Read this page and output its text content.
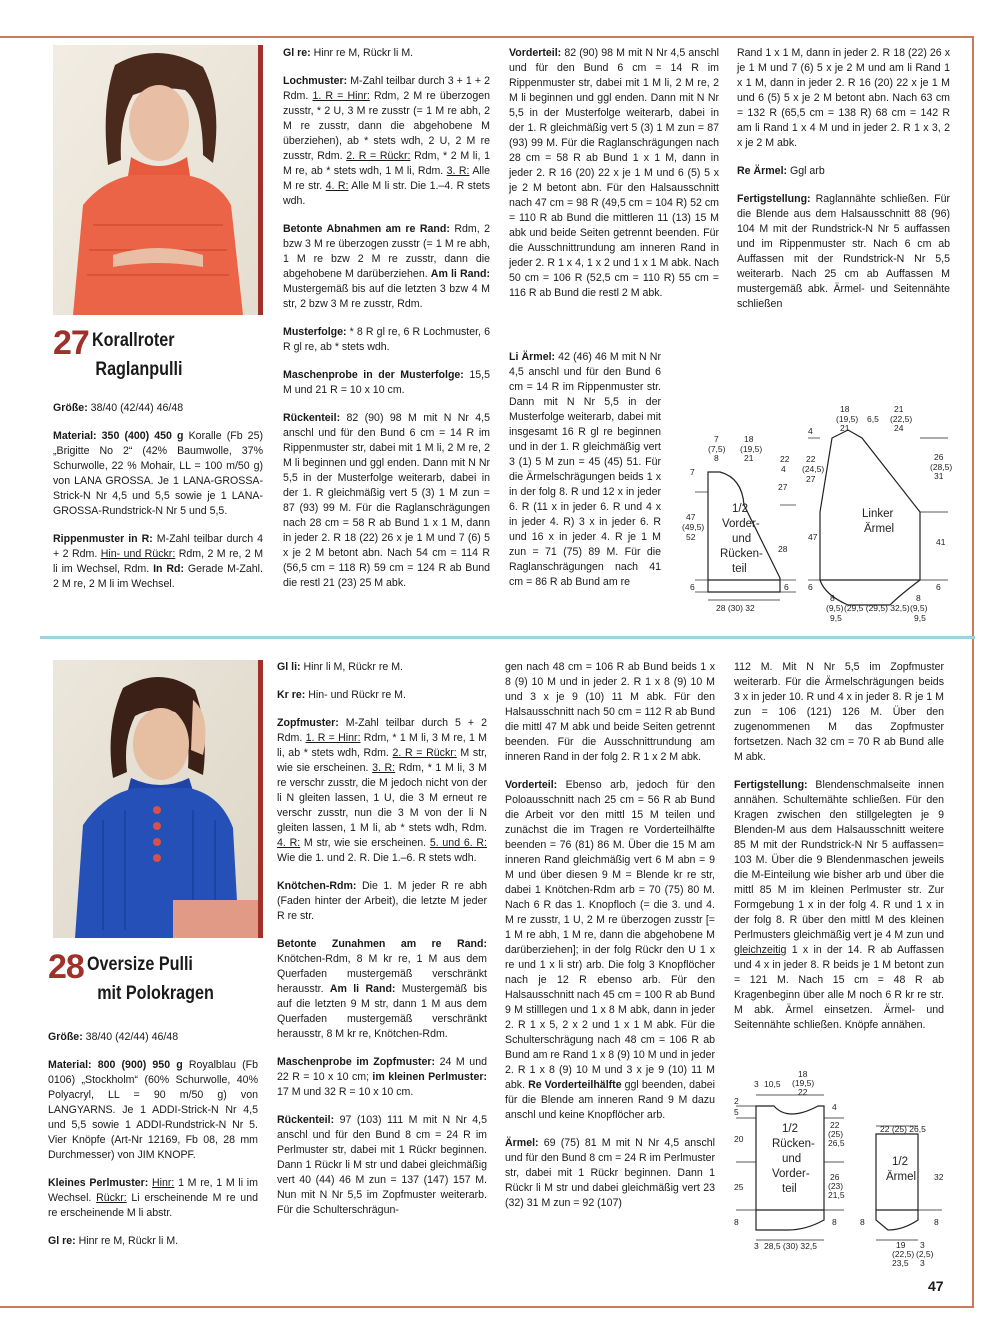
27 Korallroter
Raglanpulli

Größe: 38/40 (42/44) 46/48

Material: 350 (400) 450 g Koralle (Fb 25) „Brigitte No 2“ (42% Baumwolle, 37% Schurwolle, 22 % Mohair, LL = 100 m/50 g) von LANA GROSSA. Je 1 LANA-GROSSA-Strick-N Nr 4,5 und 5,5 sowie je 1 LANA-GROSSA-Rundstrick-N Nr 5 und 5,5.

Rippenmuster in R: M-Zahl teilbar durch 4 + 2 Rdm. Hin- und Rückr: Rdm, 2 M re, 2 M li im Wechsel, Rdm. In Rd: Gerade M-Zahl. 2 M re, 2 M li im Wechsel.

Gl re: Hinr re M, Rückr li M.

Lochmuster: M-Zahl teilbar durch 3 + 1 + 2 Rdm. 1. R = Hinr: Rdm, 2 M re überzogen zusstr, * 2 U, 3 M re zusstr (= 1 M re abh, 2 M re zusstr, dann die abgehobene M überziehen), ab * stets wdh, 2 U, 2 M re zusstr, Rdm. 2. R = Rückr: Rdm, * 2 M li, 1 M re, ab * stets wdh, 1 M li, Rdm. 3. R: Alle M re str. 4. R: Alle M li str. Die 1.–4. R stets wdh.

Betonte Abnahmen am re Rand: Rdm, 2 bzw 3 M re überzogen zusstr (= 1 M re abh, 1 M re bzw 2 M re zusstr, dann die abgehobene M darüberziehen. Am li Rand: Mustergemäß bis auf die letzten 3 bzw 4 M str, 2 bzw 3 M re zusstr, Rdm.

Musterfolge: * 8 R gl re, 6 R Lochmuster, 6 R gl re, ab * stets wdh.

Maschenprobe in der Musterfolge: 15,5 M und 21 R = 10 x 10 cm.

Rückenteil: 82 (90) 98 M mit N Nr 4,5 anschl und für den Bund 6 cm = 14 R im Rippenmuster str, dabei mit 1 M li, 2 M re, 2 M li beginnen und ggl enden. Dann mit N Nr 5,5 in der Musterfolge weiterarb, dabei in der 1. R gleichmäßig vert 5 (3) 1 M zun = 87 (93) 99 M. Für die Raglanschrägungen nach 28 cm = 58 R ab Bund 1 x 1 M, dann in jeder 2. R 18 (22) 26 x je 1 M und 7 (6) 5 x je 2 M betont abn. Nach 54 cm = 114 R (56,5 cm = 118 R) 59 cm = 124 R ab Bund die restl 21 (23) 25 M abk.

Vorderteil: 82 (90) 98 M mit N Nr 4,5 anschl und für den Bund 6 cm = 14 R im Rippenmuster str, dabei mit 1 M li, 2 M re, 2 M li beginnen und ggl enden. Dann mit N Nr 5,5 in der Musterfolge weiterarb, dabei in der 1. R gleichmäßig vert 5 (3) 1 M zun = 87 (93) 99 M. Für die Raglanschrägungen nach 28 cm = 58 R ab Bund 1 x 1 M, dann in jeder 2. R 16 (20) 22 x je 1 M und 6 (5) 5 x je 2 M betont abn. Für den Halsausschnitt nach 47 cm = 98 R (49,5 cm = 104 R) 52 cm = 110 R ab Bund die mittleren 11 (13) 15 M abk und beide Seiten getrennt beenden. Für die Ausschnittrundung am inneren Rand in jeder 2. R 1 x 4, 1 x 2 und 1 x 1 M abk. Nach 50 cm = 106 R (52,5 cm = 110 R) 55 cm = 116 R ab Bund die restl 2 M abk.

Li Ärmel: 42 (46) 46 M mit N Nr 4,5 anschl und für den Bund 6 cm = 14 R im Rippenmuster str. Dann mit N Nr 5,5 in der Musterfolge weiterarb, dabei mit insgesamt 16 R gl re beginnen und in der 1. R gleichmäßig vert 3 (1) 5 M zun = 45 (45) 51. Für die Ärmelschrägungen beids 1 x in der folg 8. R und 12 x in jeder 6. R (11 x in jeder 6. R und 4 x in jeder 4. R) 3 x in jeder 6. R und 16 x in jeder 4. R je 1 M zun = 71 (75) 89 M. Für die Raglanschrägungen nach 41 cm = 86 R ab Bund am re

Rand 1 x 1 M, dann in jeder 2. R 18 (22) 26 x je 1 M und 7 (6) 5 x je 2 M und am li Rand 1 x 1 M, dann in jeder 2. R 16 (20) 22 x je 1 M und 6 (5) 5 x je 2 M betont abn. Nach 63 cm = 132 R (65,5 cm = 138 R) 68 cm = 142 R am li Rand 1 x 4 M und in jeder 2. R 1 x 3, 2 x je 2 M abk.

Re Ärmel: Ggl arb

Fertigstellung: Raglannähte schließen. Für die Blende aus dem Halsausschnitt 88 (96) 104 M mit der Rundstrick-N Nr 5 auffassen und im Rippenmuster str. Nach 6 cm ab Auffassen mit der Rundstrick-N Nr 5,5 weiterarb. Nach 25 cm ab Auffassen M mustergemäß abk. Ärmel- und Seitennähte schließen

7
(7,5)
8
18
(19,5)
21
7
47
(49,5)
52
4
22
4
22
(24,5)
27
27
28
6	6
28 (30) 32
18
(19,5)
21
6,5
21
(22,5)
24
26
(28,5)
31
47	41
6	6
8
(9,5)
9,5
(29,5 (29,5) 32,5)
8
(9,5)
9,5
1/2
Vorder-
und
Rücken-
teil
Linker
Ärmel
28 Oversize Pulli
mit Polokragen

Größe: 38/40 (42/44) 46/48

Material: 800 (900) 950 g Royalblau (Fb 0106) „Stockholm“ (60% Schurwolle, 40% Polyacryl, LL = 90 m/50 g) von LANGYARNS. Je 1 ADDI-Strick-N Nr 4,5 und 5,5 sowie 1 ADDI-Rundstrick-N Nr 5. Vier Knöpfe (Art-Nr 12169, Fb 08, 28 mm Durchmesser) von JIM KNOPF.

Kleines Perlmuster: Hinr: 1 M re, 1 M li im Wechsel. Rückr: Li erscheinende M re und re erscheinende M li abstr.

Gl re: Hinr re M, Rückr li M.

Gl li: Hinr li M, Rückr re M.

Kr re: Hin- und Rückr re M.

Zopfmuster: M-Zahl teilbar durch 5 + 2 Rdm. 1. R = Hinr: Rdm, * 1 M li, 3 M re, 1 M li, ab * stets wdh, Rdm. 2. R = Rückr: M str, wie sie erscheinen. 3. R: Rdm, * 1 M li, 3 M re verschr zusstr, die M jedoch nicht von der li N gleiten lassen, 1 U, die 3 M erneut re verschr zusstr, nun die 3 M von der li N gleiten lassen, 1 M li, ab * stets wdh, Rdm. 4. R: M str, wie sie erscheinen. 5. und 6. R: Wie die 1. und 2. R. Die 1.–6. R stets wdh.

Knötchen-Rdm: Die 1. M jeder R re abh (Faden hinter der Arbeit), die letzte M jeder R re str.

Betonte Zunahmen am re Rand: Knötchen-Rdm, 8 M kr re, 1 M aus dem Querfaden mustergemäß verschränkt herausstr. Am li Rand: Mustergemäß bis auf die letzten 9 M str, dann 1 M aus dem Querfaden mustergemäß verschränkt herausstr, 8 M kr re, Knötchen-Rdm.

Maschenprobe im Zopfmuster: 24 M und 22 R = 10 x 10 cm; im kleinen Perlmuster: 17 M und 32 R = 10 x 10 cm.

Rückenteil: 97 (103) 111 M mit N Nr 4,5 anschl und für den Bund 8 cm = 24 R im Perlmuster str, dabei mit 1 Rückr beginnen. Dann 1 Rückr li M str und dabei gleichmäßig vert 40 (44) 46 M zun = 137 (147) 157 M. Nun mit N Nr 5,5 im Zopfmuster weiterarb. Für die Schulterschrägun-

gen nach 48 cm = 106 R ab Bund beids 1 x 8 (9) 10 M und in jeder 2. R 1 x 8 (9) 10 M und 3 x je 9 (10) 11 M abk. Für den Halsausschnitt nach 50 cm = 112 R ab Bund die mittl 47 M abk und beide Seiten getrennt beenden. Für die Ausschnittrundung am inneren Rand in der folg 2. R 1 x 2 M abk.

Vorderteil: Ebenso arb, jedoch für den Poloausschnitt nach 25 cm = 56 R ab Bund die Arbeit vor den mittl 15 M teilen und zunächst die im Tragen re Vorderteilhälfte beenden = 76 (81) 86 M. Über die 15 M am inneren Rand gleichmäßig vert 6 M abn = 9 M und über diesen 9 M = Blende kr re str, dabei 1 Knötchen-Rdm arb = 70 (75) 80 M. Nach 6 R das 1. Knopfloch (= die 3. und 4. M re zusstr, 1 U, 2 M re überzogen zusstr [= 1 M re abh, 1 M re, dann die abgehobene M darüberziehen]; in der folg Rückr den U 1 x re und 1 x li str) arb. Die folg 3 Knopflöcher nach je 12 R ebenso arb. Für den Halsausschnitt nach 45 cm = 100 R ab Bund 9 M stilllegen und 1 x 8 M abk, dann in jeder 2. R 1 x 5, 2 x 2 und 1 x 1 M abk. Für die Schulterschrägung nach 48 cm = 106 R ab Bund am re Rand 1 x 8 (9) 10 M und in jeder 2. R 1 x 8 (9) 10 M und 3 x je 9 (10) 11 M abk. Re Vorderteilhälfte ggl beenden, dabei für die Blende am inneren Rand 9 M dazu anschl und keine Knopflöcher arb.

Ärmel: 69 (75) 81 M mit N Nr 4,5 anschl und für den Bund 8 cm = 24 R im Perlmuster str, dabei mit 1 Rückr beginnen. Dann 1 Rückr li M str und dabei gleichmäßig vert 23 (32) 31 M zun = 92 (107)

112 M. Mit N Nr 5,5 im Zopfmuster weiterarb. Für die Ärmelschrägungen beids 3 x in jeder 10. R und 4 x in jeder 8. R je 1 M zun = 106 (121) 126 M. Über den zugenommenen M das Zopfmuster fortsetzen. Nach 32 cm = 70 R ab Bund alle M abk.

Fertigstellung: Blendenschmalseite innen annähen. Schultemähte schließen. Für den Kragen zwischen den stillgelegten je 9 Blenden-M aus dem Halsausschnitt weitere 85 M mit der Rundstrick-N Nr 5 auffassen= 103 M. Über die 9 Blendenmaschen jeweils die M-Einteilung wie bisher arb und über die mittl 85 M im kleinen Perlmuster str. Zur Formgebung 1 x in der folg 4. R und 1 x in der folg 8. R über den mittl M des kleinen Perlmusters gleichmäßig vert je 4 M zun und gleichzeitig 1 x in der 14. R ab Auffassen und 4 x in jeder 8. R beids je 1 M betont zun = 121 M. Nach 15 cm = 48 R ab Kragenbeginn über alle M noch 6 R kr re str. M abk. Ärmel einsetzen. Ärmel- und Seitennähte schließen. Knöpfe annähen.

3 10,5
18
(19,5)
22
2
5	4
20
25
8	8
22
(25)
26,5
26
(23)
21,5
3 28,5 (30) 32,5
22 (25) 26,5
32
8	8
19
(22,5)
23,5
3
(2,5)
3
1/2
Rücken-
und
Vorder-
teil
1/2
Ärmel
47
